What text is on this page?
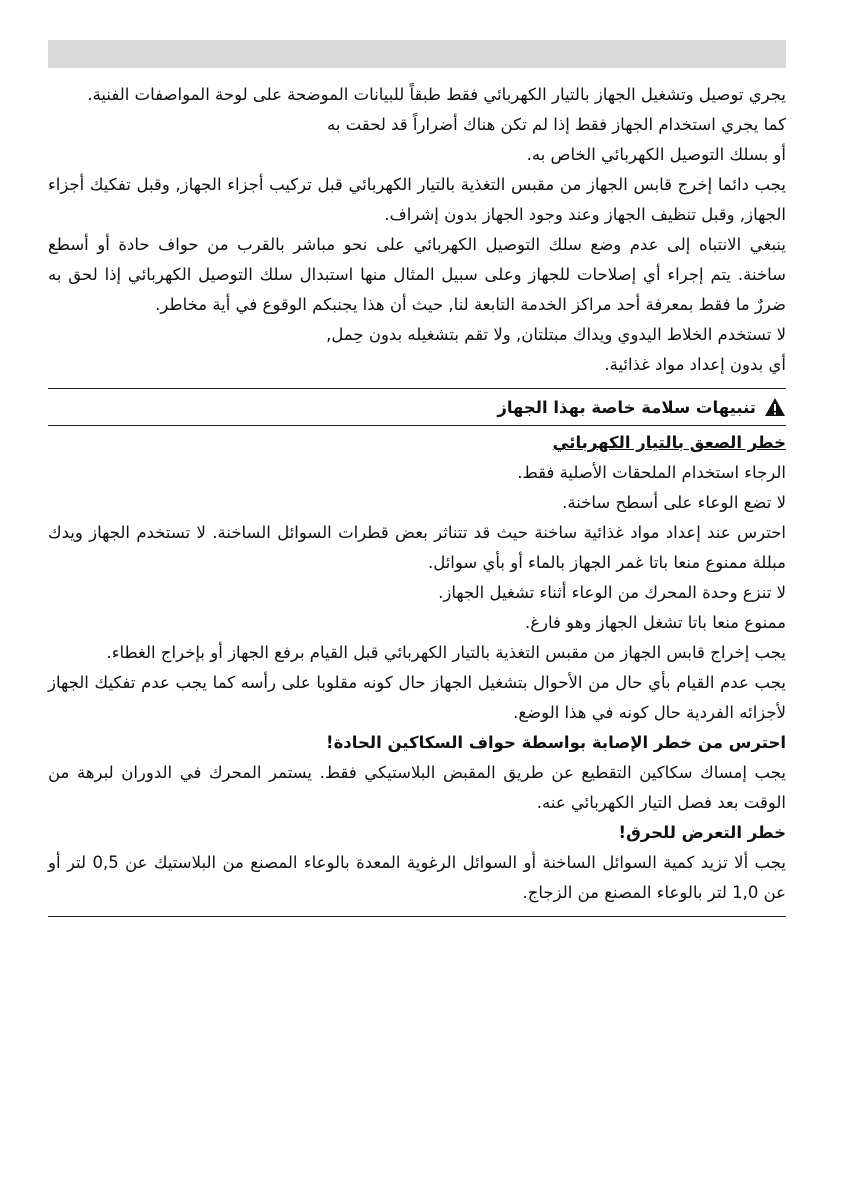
يجري توصيل وتشغيل الجهاز بالتيار الكهربائي فقط طبقاً للبيانات الموضحة على لوحة المواصفات الفنية.

كما يجري استخدام الجهاز فقط إذا لم تكن هناك أضراراً قد لحقت به

أو بسلك التوصيل الكهربائي الخاص به.

يجب دائما إخرج قابس الجهاز من مقبس التغذية بالتيار الكهربائي قبل تركيب أجزاء الجهاز, وقبل تفكيك أجزاء الجهاز, وقبل تنظيف الجهاز وعند وجود الجهاز بدون إشراف.

ينبغي الانتباه إلى عدم وضع سلك التوصيل الكهربائي على نحو مباشر بالقرب من حواف حادة أو أسطع ساخنة. يتم إجراء أي إصلاحات للجهاز وعلى سبيل المثال منها استبدال سلك التوصيل الكهربائي إذا لحق به ضررٌ ما فقط بمعرفة أحد مراكز الخدمة التابعة لنا, حيث أن هذا يجنبكم الوقوع في أية مخاطر.

لا تستخدم الخلاط اليدوي ويداك مبتلتان, ولا تقم بتشغيله بدون حِمل,

أي بدون إعداد مواد غذائية.

تنبيهات سلامة خاصة بهذا الجهاز

خطر الصعق بالتيار الكهربائي

الرجاء استخدام الملحقات الأصلية فقط.

لا تضع الوعاء على أسطح ساخنة.

احترس عند إعداد مواد غذائية ساخنة حيث قد تتناثر بعض قطرات السوائل الساخنة. لا تستخدم الجهاز ويدك مبللة ممنوع منعا باتا غمر الجهاز بالماء أو بأي سوائل.

لا تنزع وحدة المحرك من الوعاء أثناء تشغيل الجهاز.

ممنوع منعا باتا تشغل الجهاز وهو فارغ.

يجب إخراج قابس الجهاز من مقبس التغذية بالتيار الكهربائي قبل القيام برفع الجهاز أو بإخراج الغطاء.

يجب عدم القيام بأي حال من الأحوال بتشغيل الجهاز حال كونه مقلوبا على رأسه كما يجب عدم تفكيك الجهاز لأجزائه الفردية حال كونه في هذا الوضع.

احترس من خطر الإصابة بواسطة حواف السكاكين الحادة!

يجب إمساك سكاكين التقطيع عن طريق المقبض البلاستيكي فقط. يستمر المحرك في الدوران لبرهة من الوقت بعد فصل التيار الكهربائي عنه.

خطر التعرض للحرق!

يجب ألا تزيد كمية السوائل الساخنة أو السوائل الرغوية المعدة بالوعاء المصنع من البلاستيك عن 0,5 لتر أو عن 1,0 لتر بالوعاء المصنع من الزجاج.
